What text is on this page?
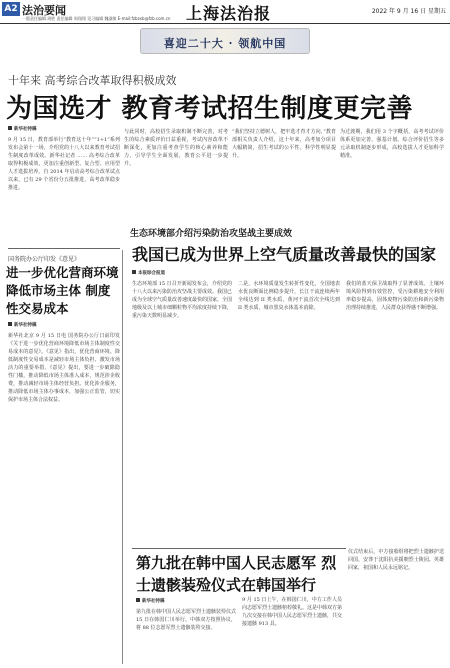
A2 法治要闻
一版责任编辑 周胜 责任编辑 周翔翔 见习编辑 魏淑敏 E-mail:fzbzxb@fzb.com.cn 上海法治报	2022 年 9 月 16 日 星期五
喜迎二十大 · 领航中国
十年来 高考综合改革取得积极成效
为国选才 教育考试招生制度更完善
新华社特稿
9 月 15 日，教育部举行“教育这十年”“1+1”系列发布会第十一场，介绍党的十八大以来教育考试招生制度改革成效。新华社记者 …… 高考综合改革取得积极成效，更加注重创新型、复合型、应用型人才选拔培养。自 2014 年启动高考综合改革试点以来，已有 29 个省份分五批推进，高考改革稳步推进。
与此同时，高校招生录取机制不断完善，对考生的综合素质评价日益重视，考试内容改革不断深化，更加注重考查学生的核心素养和能力，引导学生全面发展，教育公平进一步提升。
“我们坚持立德树人，把牢选才育才方向，”教育部相关负责人介绍，这十年来，高考加分项目大幅精简，招生考试的公平性、科学性明显提升。
为过渡期，我们用 3 个字概括，高考考试评价体系更加完善。强基计划、综合评价招生等多元录取机制逐步形成，高校选拔人才更加科学精准。
国务院办公厅印发《意见》
进一步优化营商环境 降低市场主体 制度性交易成本
新华社特稿
新华社北京 9 月 15 日电 国务院办公厅日前印发《关于进一步优化营商环境降低市场主体制度性交易成本的意见》。《意见》指出，优化营商环境、降低制度性交易成本是减轻市场主体负担、激发市场活力的重要举措。《意见》提出，要进一步破除隐性门槛，推动降低市场主体准入成本，规范涉企收费，推动减轻市场主体经营负担。优化涉企服务，推动降低市场主体办事成本，加强公正监管，切实保护市场主体合法权益。
生态环境部介绍污染防治攻坚战主要成效
我国已成为世界上空气质量改善最快的国家
本报综合报道
生态环境部 15 日召开新闻发布会，介绍党的十八大以来污染防治攻坚战主要成效。我国已成为全球空气质量改善速度最快的国家，全国地级及以上城市细颗粒物平均浓度持续下降，重污染天数明显减少。
二是，水环境质量发生转折性变化，全国地表水优良断面比例稳步提升，长江干流连续两年全线达到 II 类水质，黄河干流首次全线达到 II 类水质，城市黑臭水体基本消除。
我们的蓝天保卫战取得了显著成效。土壤环境风险得到有效管控，受污染耕地安全利用率稳步提高，固体废物污染防治和新污染物治理持续推进，人民群众获得感不断增强。
第九批在韩中国人民志愿军 烈士遗骸装殓仪式在韩国举行
新华社特稿
第九批在韩中国人民志愿军烈士遗骸装殓仪式 15 日在韩国仁川举行。中韩双方按照协议，将 88 位志愿军烈士遗骸装殓交接。
9 月 15 日上午，在韩国仁川，中方工作人员向志愿军烈士遗骸棺椁敬礼。这是中韩双方第九次交接在韩中国人民志愿军烈士遗骸，共交接遗骸 913 具。
仪式结束后，中方接收组将把烈士遗骸护送回国，安葬于沈阳抗美援朝烈士陵园。英雄回家，祖国和人民永远铭记。
